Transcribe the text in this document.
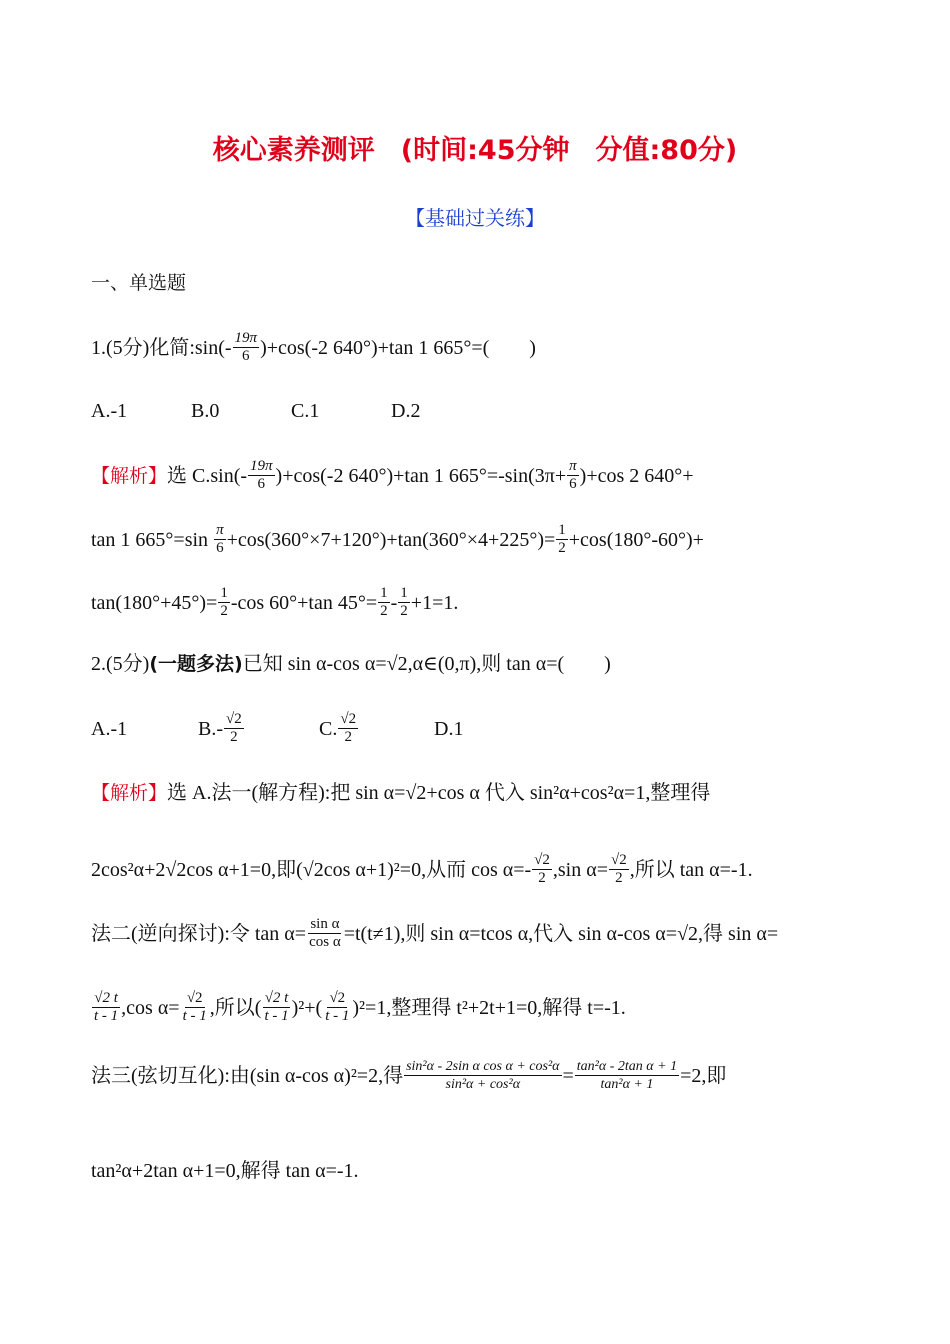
核心素养测评 (时间:45分钟 分值:80分)
【基础过关练】
一、单选题
1.(5分)化简:sin(- $\frac{19\pi}{6} )+\cos(-2$ 640°)+tan 1 665°=( )
A.-1	B.0	C.1	D.2
【解析】选 $C.\sin(- \frac{19\pi}{6} )+\cos(-2$ 640°)+tan 1 $665^\circ=-\sin(3\pi+ \frac{\pi}{6} )+\cos$ 2 640°+
tan 1 $665^\circ=\sin \frac{\pi}{6} +\cos(360^\circ\times 7+120^\circ)+\tan(360^\circ\times 4+225^\circ)= \frac{1}{2} +\cos(180^\circ-60^\circ)+$
$\tan(180^\circ+45^\circ)= \frac{1}{2} -\cos$ 60°+tan $45^\circ= \frac{1}{2} - \frac{1}{2} +1=1$.
2.(5分)(一题多法)已知 sin α-cos α=√2,α∈(0,π),则 tan α=( )
A.-1	$B.- \frac{√2}{2}$	C. $\frac{√2}{2}$	D.1
【解析】选 A.法一(解方程):把 sin α=√2+cos α 代入 sin²α+cos²α=1,整理得
2cos²α+2√2cos α+1=0,即(√2cos α+1)²=0,从而 $\cos \alpha=- \frac{√2}{2} ,\sin$ $\alpha= \frac{√2}{2}$ ,所以 tan α=-1.
法二(逆向探讨):令 $\tan \alpha= \frac{\text{sin α}}{\text{cos α}} =t(t\ne 1)$,则 sin α=tcos α,代入 sin α-cos α=√2,得 sin α=
$\frac{√2 t}{t - 1} ,\cos$ $\alpha= \frac{√2}{t - 1}$ ,所以( $\frac{√2 t}{t - 1} )^2+( \frac{√2}{t - 1} )^2=1$,整理得 t²+2t+1=0,解得 t=-1.
法三(弦切互化):由(sin α-cos α)²=2,得 $\frac{\text{sin²α - 2sin α cos α + cos²α}}{\text{sin²α + cos²α}} = \frac{\text{tan²α - 2tan α + 1}}{\text{tan²α + 1}} =2$,即
tan²α+2tan α+1=0,解得 tan α=-1.
